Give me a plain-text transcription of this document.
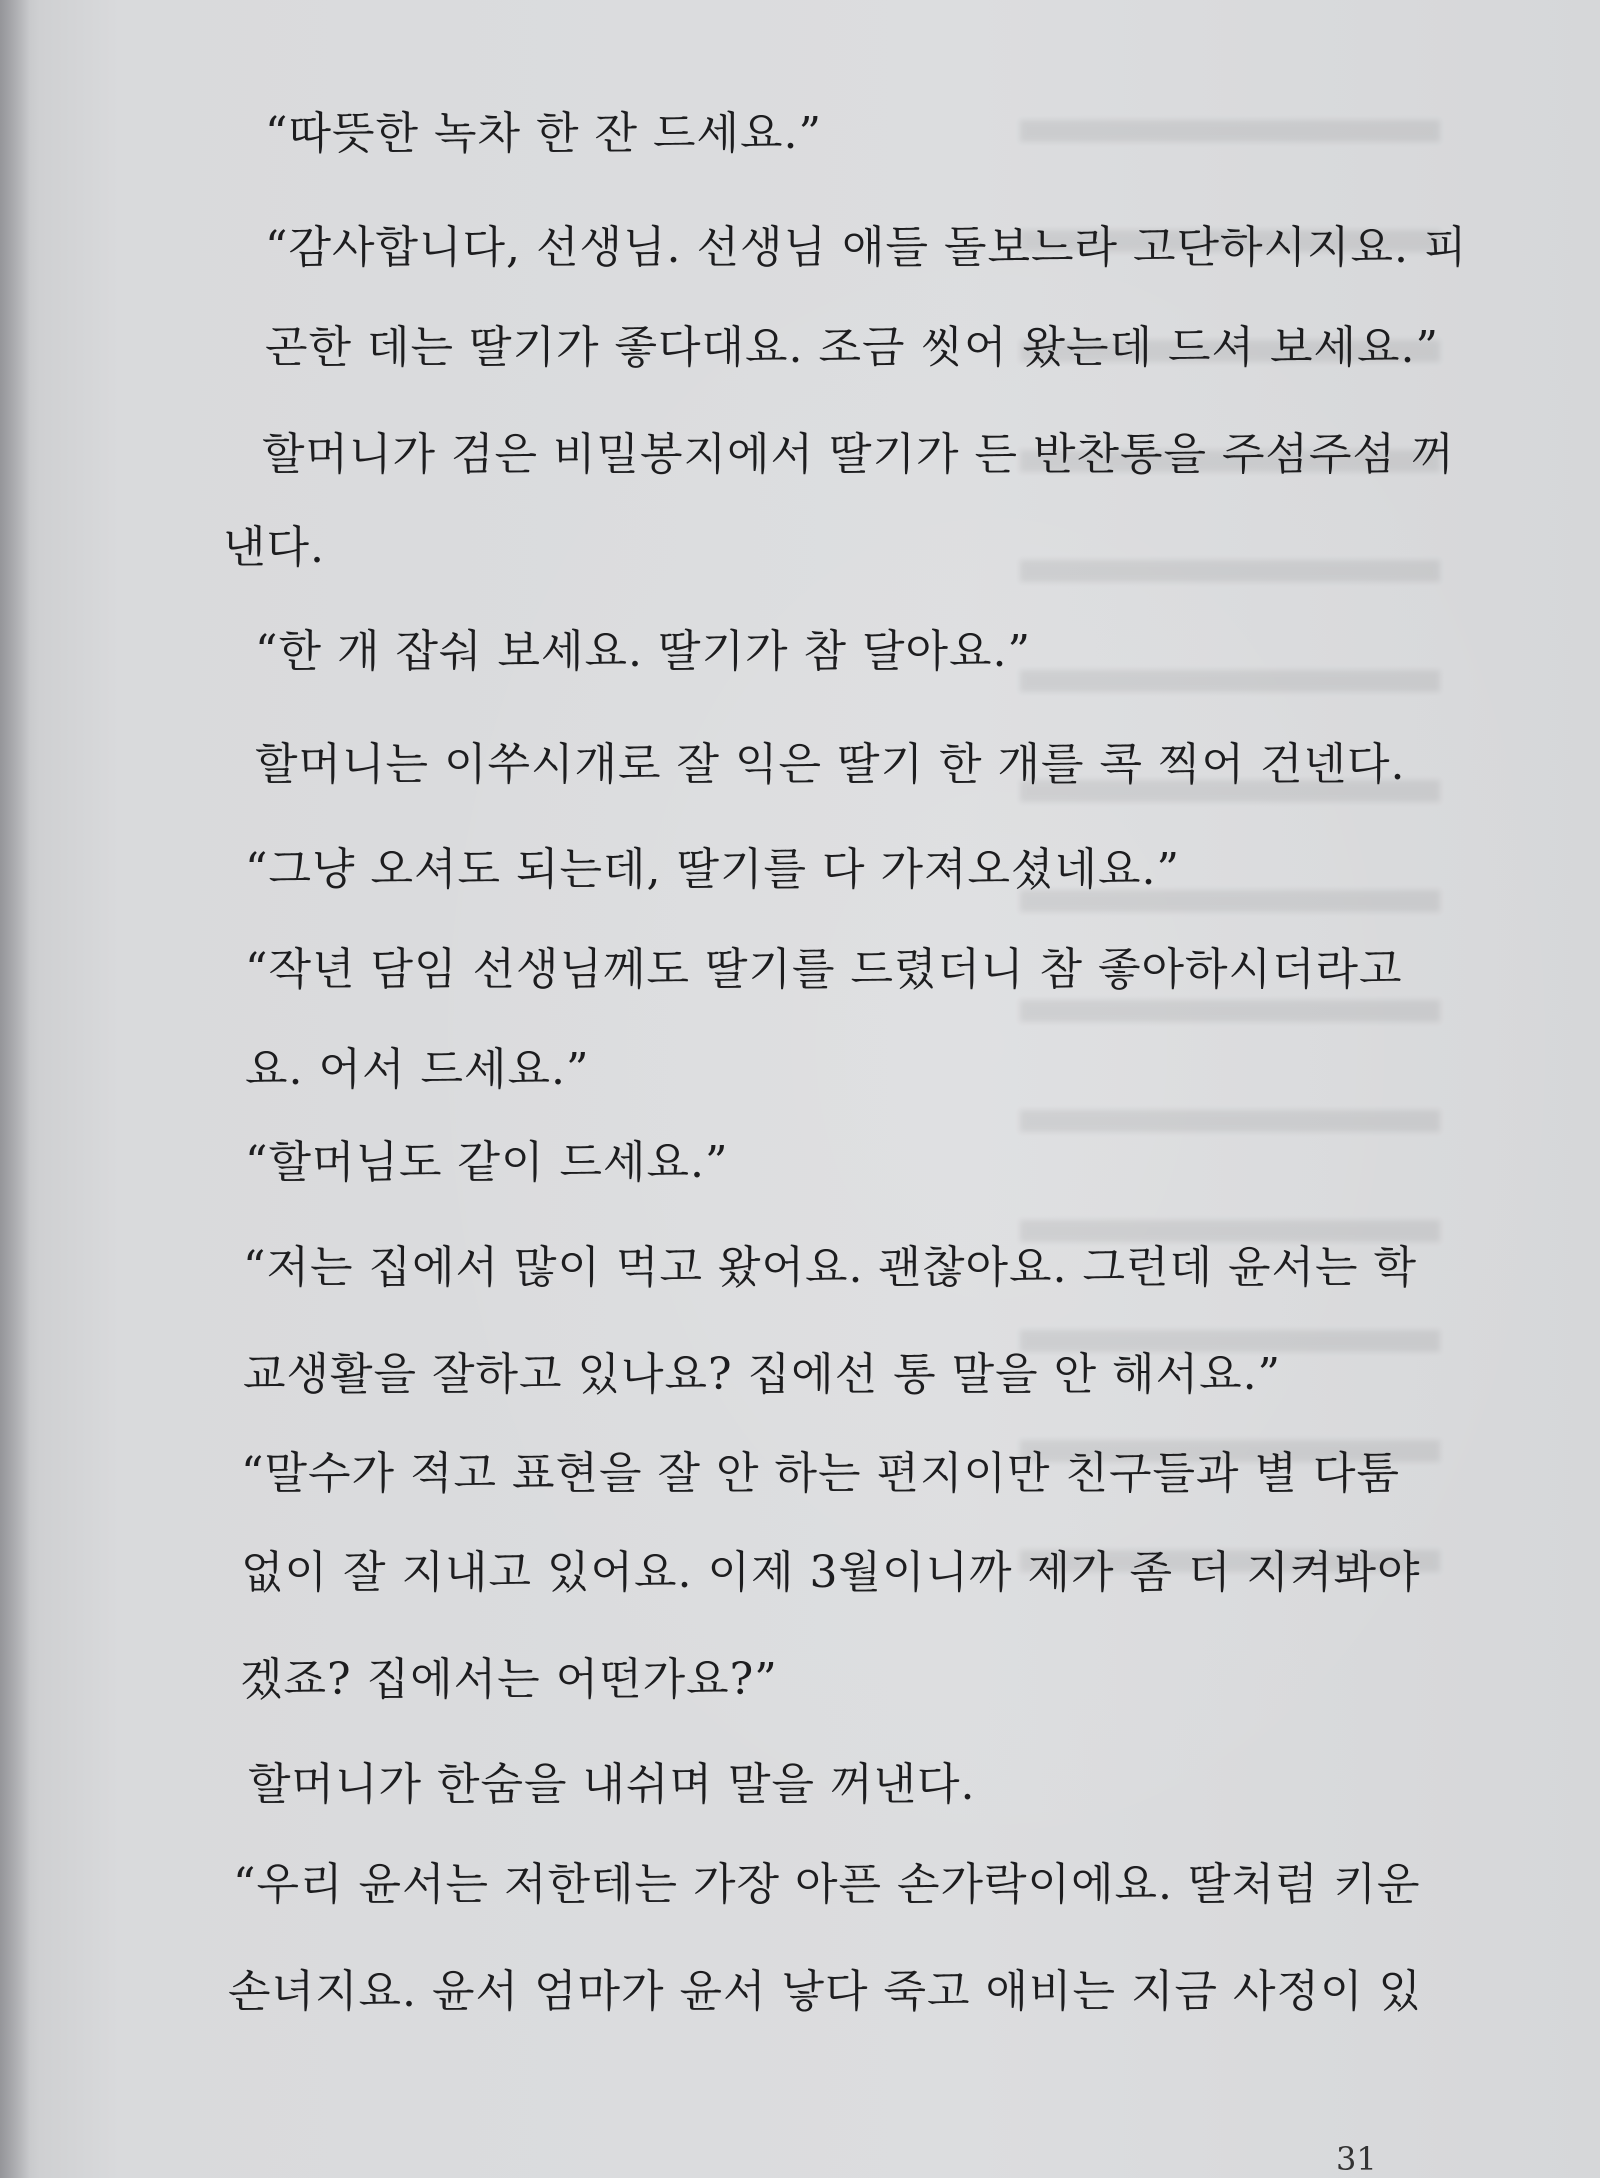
“따뜻한 녹차 한 잔 드세요.”
“감사합니다, 선생님. 선생님 애들 돌보느라 고단하시지요. 피
곤한 데는 딸기가 좋다대요. 조금 씻어 왔는데 드셔 보세요.”
할머니가 검은 비밀봉지에서 딸기가 든 반찬통을 주섬주섬 꺼
낸다.
“한 개 잡숴 보세요. 딸기가 참 달아요.”
할머니는 이쑤시개로 잘 익은 딸기 한 개를 콕 찍어 건넨다.
“그냥 오셔도 되는데, 딸기를 다 가져오셨네요.”
“작년 담임 선생님께도 딸기를 드렸더니 참 좋아하시더라고
요. 어서 드세요.”
“할머님도 같이 드세요.”
“저는 집에서 많이 먹고 왔어요. 괜찮아요. 그런데 윤서는 학
교생활을 잘하고 있나요? 집에선 통 말을 안 해서요.”
“말수가 적고 표현을 잘 안 하는 편지이만 친구들과 별 다툼
없이 잘 지내고 있어요. 이제 3월이니까 제가 좀 더 지켜봐야
겠죠? 집에서는 어떤가요?”
할머니가 한숨을 내쉬며 말을 꺼낸다.
“우리 윤서는 저한테는 가장 아픈 손가락이에요. 딸처럼 키운
손녀지요. 윤서 엄마가 윤서 낳다 죽고 애비는 지금 사정이 있
31
